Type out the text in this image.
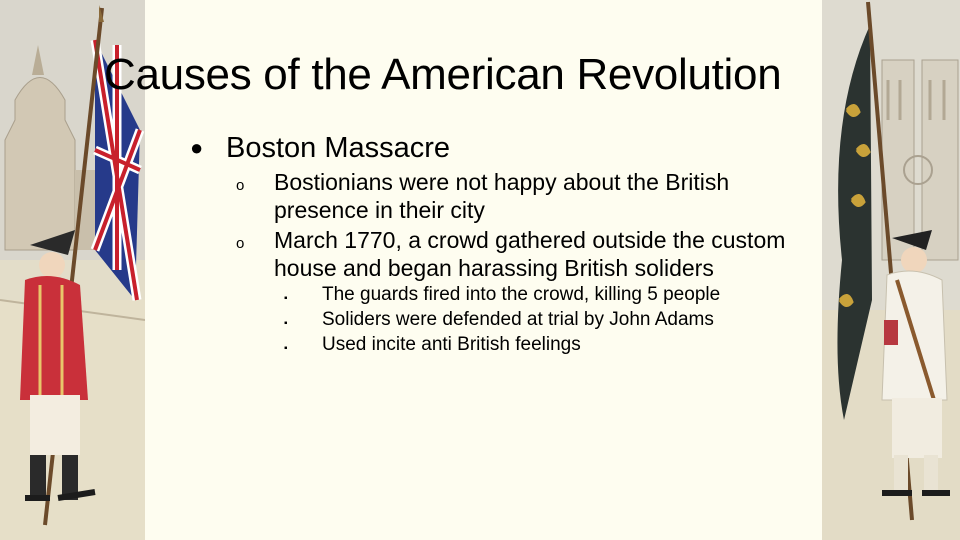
Causes of the American Revolution
● Boston Massacre
o Bostionians were not happy about the British presence in their city
o March 1770, a crowd gathered outside the custom house and began harassing British soliders
▪ The guards fired into the crowd, killing 5 people
▪ Soliders were defended at trial by John Adams
▪ Used incite anti British feelings
